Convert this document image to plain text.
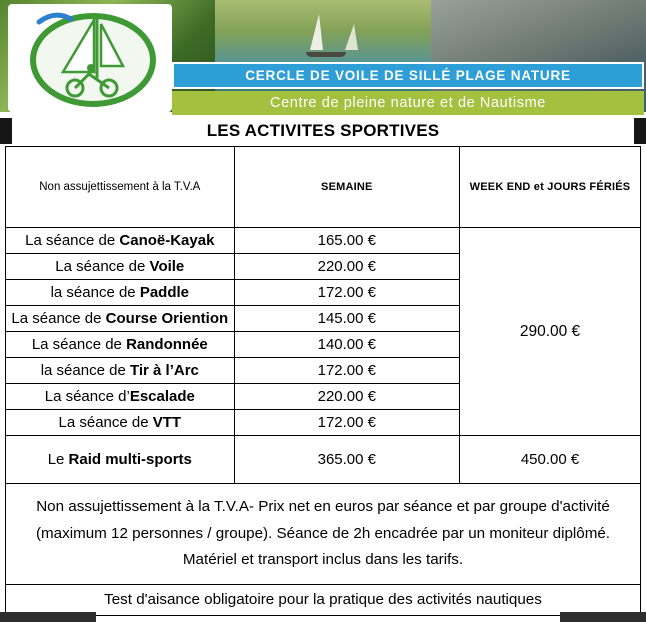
CERCLE DE VOILE DE SILLÉ PLAGE NATURE
Centre de pleine nature et de Nautisme
LES ACTIVITES SPORTIVES
Non assujettissement à la T.V.A	SEMAINE	WEEK END et JOURS FÉRIÉS
La séance de Canoë-Kayak	165.00 €	290.00 €
La séance de Voile	220.00 €	
la séance de Paddle	172.00 €	
La séance de Course Oriention	145.00 €	
La séance de Randonnée	140.00 €	
la séance de Tir à l’Arc	172.00 €	
La séance d’Escalade	220.00 €	
La séance de VTT	172.00 €	
Le Raid multi-sports	365.00 €	450.00 €
Non assujettissement à la T.V.A- Prix net en euros par séance et par groupe d'activité (maximum 12 personnes / groupe). Séance de 2h encadrée par un moniteur diplômé. Matériel et transport inclus dans les tarifs.		
Test d'aisance obligatoire pour la pratique des activités nautiques		
